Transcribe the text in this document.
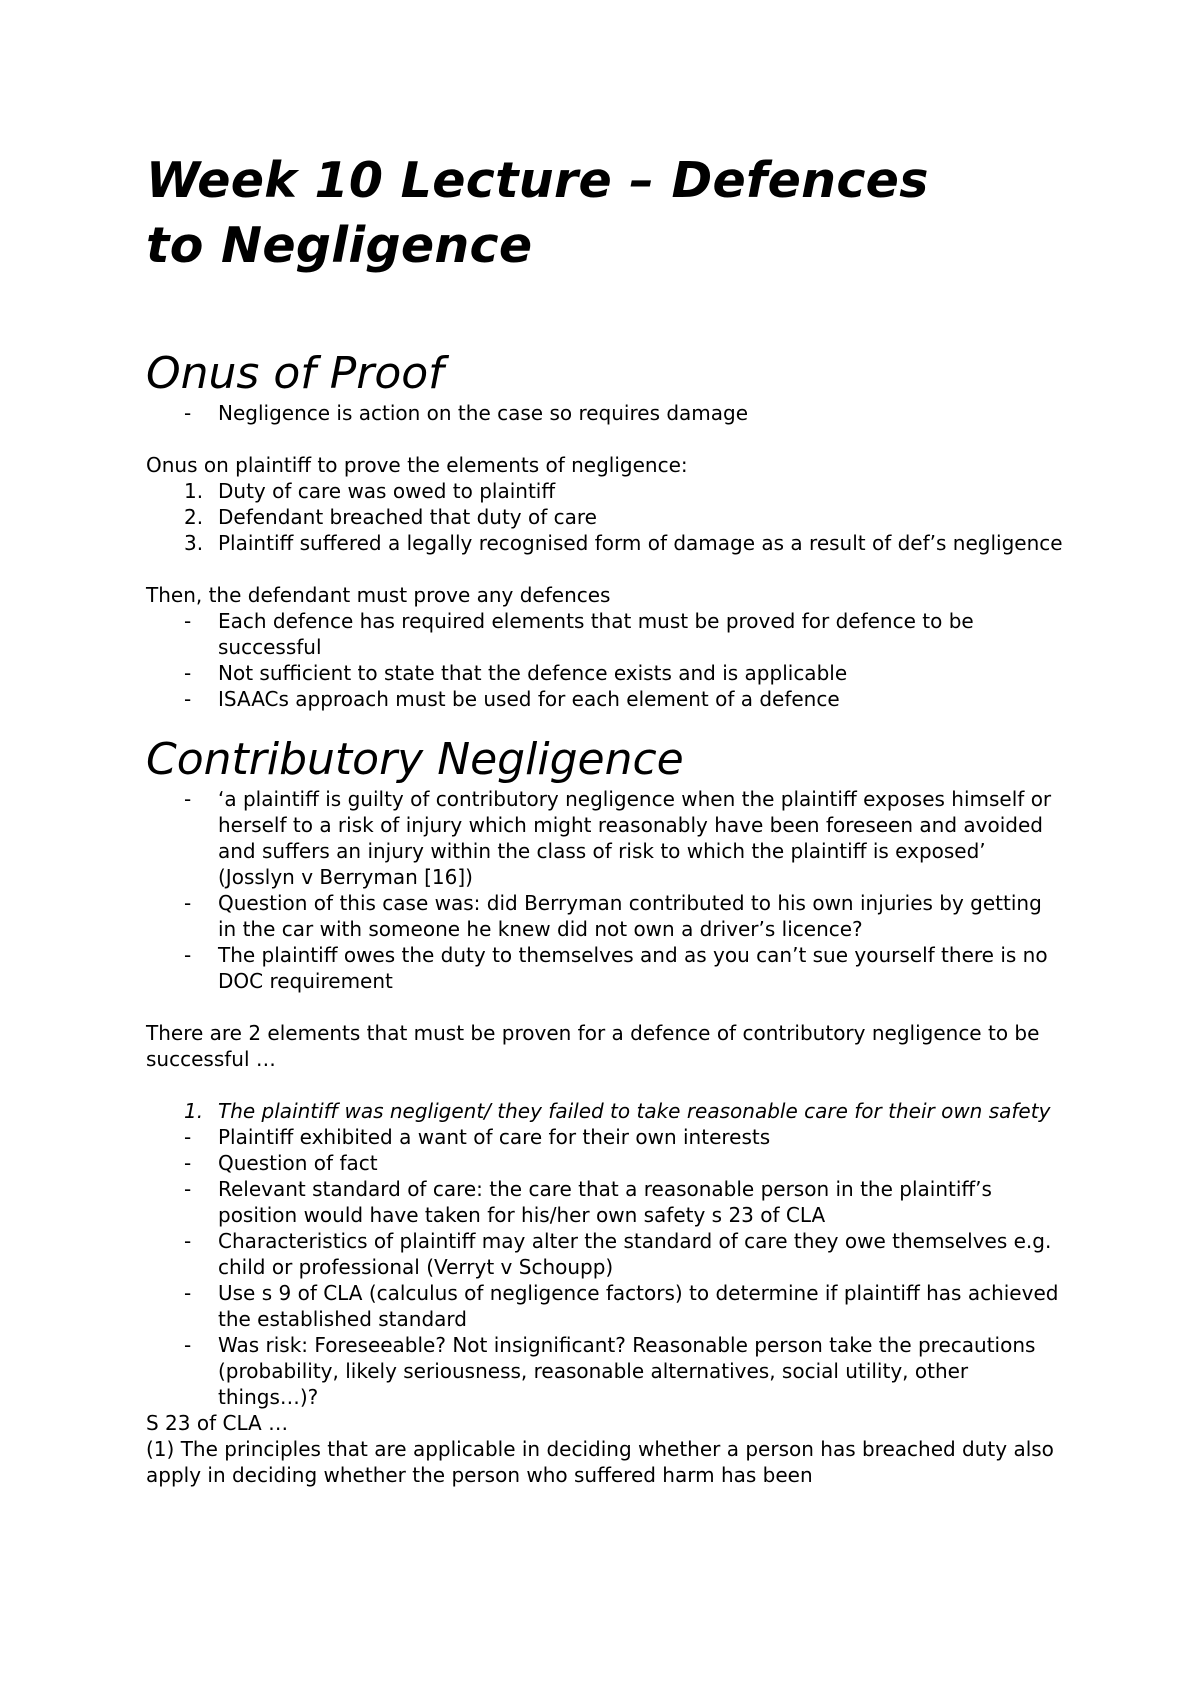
Week 10 Lecture – Defences
to Negligence
Onus of Proof
-	Negligence is action on the case so requires damage

Onus on plaintiff to prove the elements of negligence:

1. Duty of care was owed to plaintiff
2. Defendant breached that duty of care
3. Plaintiff suffered a legally recognised form of damage as a result of def’s negligence

Then, the defendant must prove any defences

-	Each defence has required elements that must be proved for defence to be successful
-	Not sufficient to state that the defence exists and is applicable
-	ISAACs approach must be used for each element of a defence
Contributory Negligence
-	‘a plaintiff is guilty of contributory negligence when the plaintiff exposes himself or herself to a risk of injury which might reasonably have been foreseen and avoided and suffers an injury within the class of risk to which the plaintiff is exposed’ (Josslyn v Berryman [16])
-	Question of this case was: did Berryman contributed to his own injuries by getting in the car with someone he knew did not own a driver’s licence?
-	The plaintiff owes the duty to themselves and as you can’t sue yourself there is no DOC requirement

There are 2 elements that must be proven for a defence of contributory negligence to be successful …

1. The plaintiff was negligent/ they failed to take reasonable care for their own safety
-	Plaintiff exhibited a want of care for their own interests
-	Question of fact
-	Relevant standard of care: the care that a reasonable person in the plaintiff’s position would have taken for his/her own safety s 23 of CLA
-	Characteristics of plaintiff may alter the standard of care they owe themselves e.g. child or professional (Verryt v Schoupp)
-	Use s 9 of CLA (calculus of negligence factors) to determine if plaintiff has achieved the established standard
-	Was risk: Foreseeable? Not insignificant? Reasonable person take the precautions (probability, likely seriousness, reasonable alternatives, social utility, other things…)?

S 23 of CLA …

(1) The principles that are applicable in deciding whether a person has breached duty also apply in deciding whether the person who suffered harm has been
